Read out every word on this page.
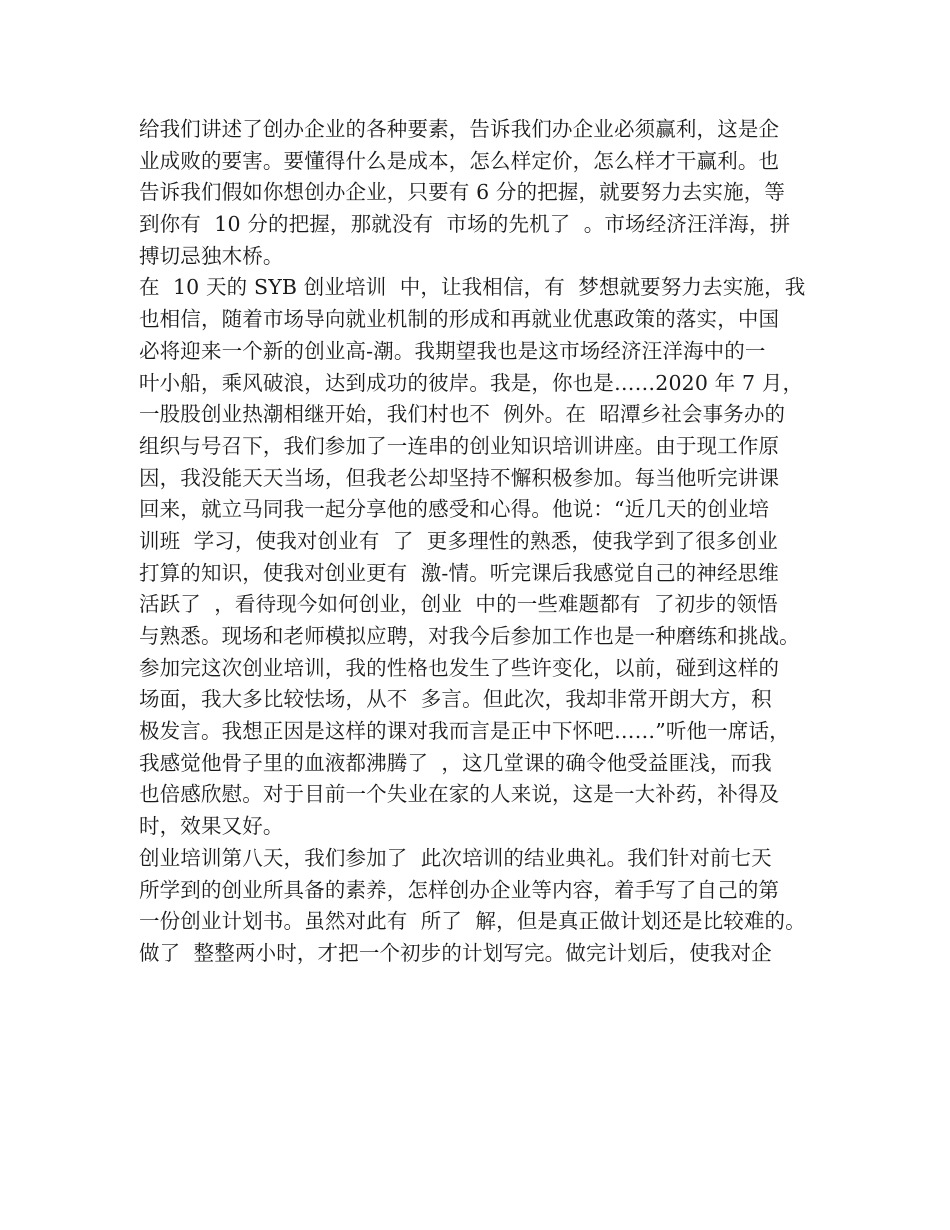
给我们讲述了创办企业的各种要素，告诉我们办企业必须赢利，这是企
业成败的要害。要懂得什么是成本，怎么样定价，怎么样才干赢利。也
告诉我们假如你想创办企业，只要有 6 分的把握，就要努力去实施，等
到你有  10 分的把握，那就没有  市场的先机了  。市场经济汪洋海，拼
搏切忌独木桥。
在  10 天的 SYB 创业培训  中，让我相信，有  梦想就要努力去实施，我
也相信，随着市场导向就业机制的形成和再就业优惠政策的落实，中国
必将迎来一个新的创业高-潮。我期望我也是这市场经济汪洋海中的一
叶小船，乘风破浪，达到成功的彼岸。我是，你也是……2020 年 7 月，
一股股创业热潮相继开始，我们村也不  例外。在  昭潭乡社会事务办的
组织与号召下，我们参加了一连串的创业知识培训讲座。由于现工作原
因，我没能天天当场，但我老公却坚持不懈积极参加。每当他听完讲课
回来，就立马同我一起分享他的感受和心得。他说：“近几天的创业培
训班  学习，使我对创业有  了  更多理性的熟悉，使我学到了很多创业
打算的知识，使我对创业更有  激-情。听完课后我感觉自己的神经思维
活跃了  ，看待现今如何创业，创业  中的一些难题都有  了初步的领悟
与熟悉。现场和老师模拟应聘，对我今后参加工作也是一种磨练和挑战。
参加完这次创业培训，我的性格也发生了些许变化，以前，碰到这样的
场面，我大多比较怯场，从不  多言。但此次，我却非常开朗大方，积
极发言。我想正因是这样的课对我而言是正中下怀吧……”听他一席话，
我感觉他骨子里的血液都沸腾了  ，这几堂课的确令他受益匪浅，而我
也倍感欣慰。对于目前一个失业在家的人来说，这是一大补药，补得及
时，效果又好。
创业培训第八天，我们参加了  此次培训的结业典礼。我们针对前七天
所学到的创业所具备的素养，怎样创办企业等内容，着手写了自己的第
一份创业计划书。虽然对此有  所了  解，但是真正做计划还是比较难的。
做了  整整两小时，才把一个初步的计划写完。做完计划后，使我对企
